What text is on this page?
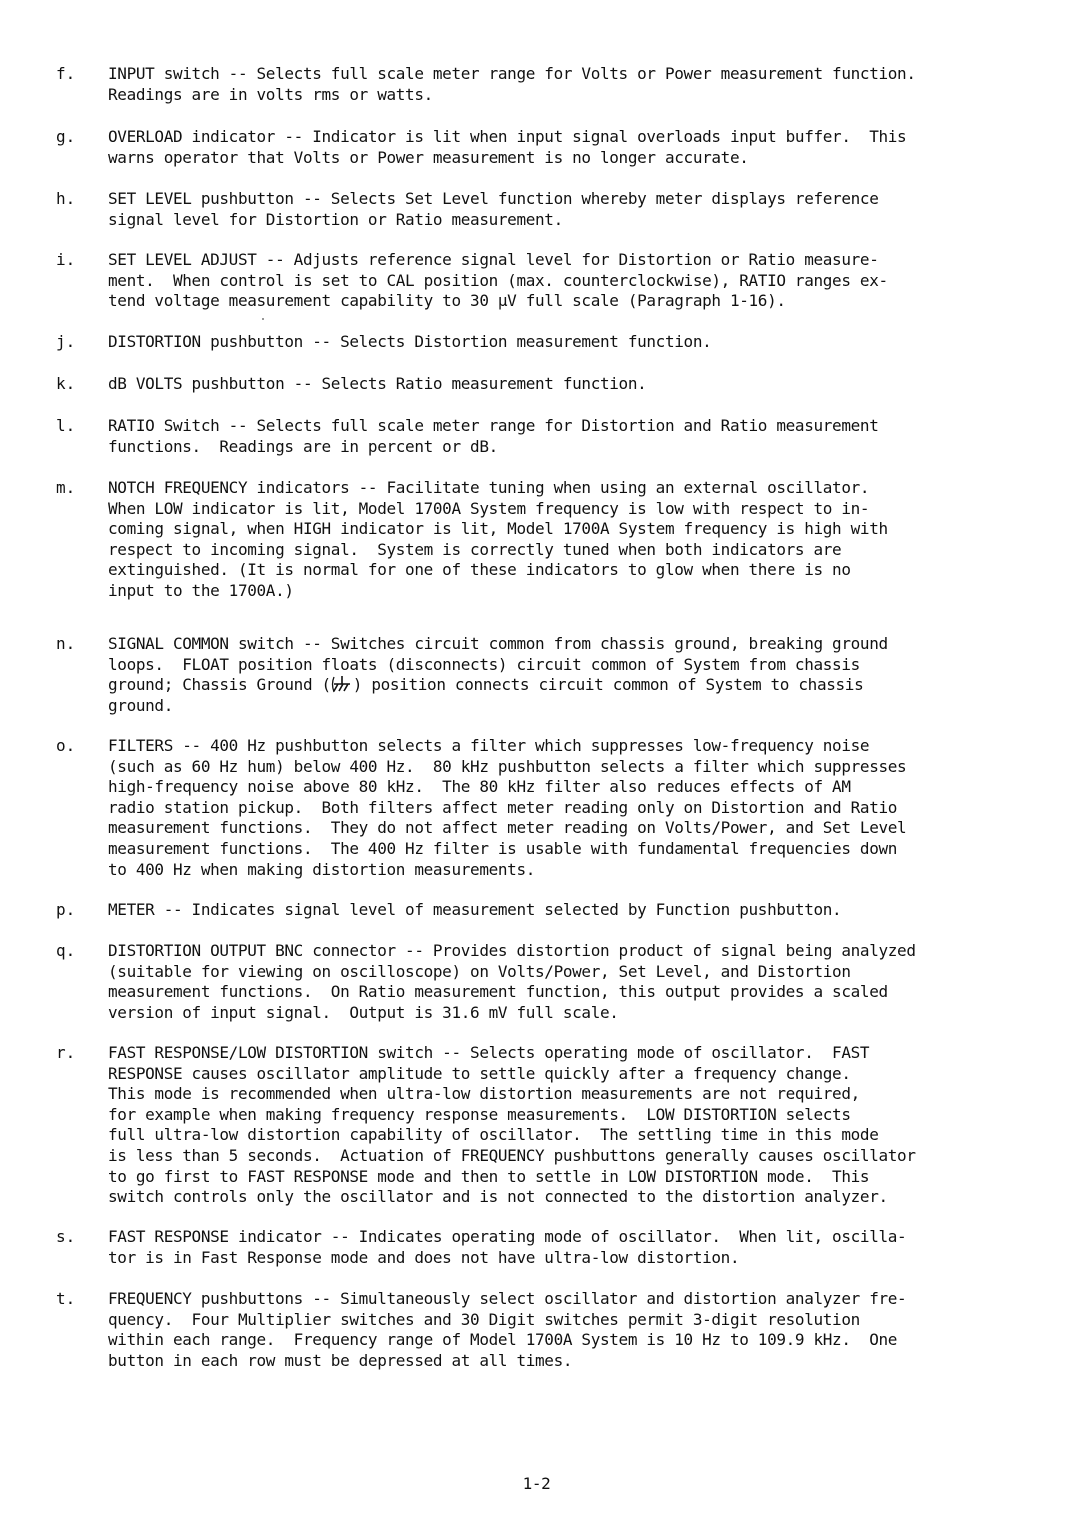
f. INPUT switch -- Selects full scale meter range for Volts or Power measurement function.
Readings are in volts rms or watts.
g. OVERLOAD indicator -- Indicator is lit when input signal overloads input buffer.  This
warns operator that Volts or Power measurement is no longer accurate.
h. SET LEVEL pushbutton -- Selects Set Level function whereby meter displays reference
signal level for Distortion or Ratio measurement.
i. SET LEVEL ADJUST -- Adjusts reference signal level for Distortion or Ratio measure-
ment.  When control is set to CAL position (max. counterclockwise), RATIO ranges ex-
tend voltage measurement capability to 30 µV full scale (Paragraph 1-16).
j. DISTORTION pushbutton -- Selects Distortion measurement function.
k. dB VOLTS pushbutton -- Selects Ratio measurement function.
l. RATIO Switch -- Selects full scale meter range for Distortion and Ratio measurement
functions.  Readings are in percent or dB.
m. NOTCH FREQUENCY indicators -- Facilitate tuning when using an external oscillator.
When LOW indicator is lit, Model 1700A System frequency is low with respect to in-
coming signal, when HIGH indicator is lit, Model 1700A System frequency is high with
respect to incoming signal.  System is correctly tuned when both indicators are
extinguished. (It is normal for one of these indicators to glow when there is no
input to the 1700A.)
n. SIGNAL COMMON switch -- Switches circuit common from chassis ground, breaking ground
loops.  FLOAT position floats (disconnects) circuit common of System from chassis
ground; Chassis Ground ( ) position connects circuit common of System to chassis
ground.
o. FILTERS -- 400 Hz pushbutton selects a filter which suppresses low-frequency noise
(such as 60 Hz hum) below 400 Hz.  80 kHz pushbutton selects a filter which suppresses
high-frequency noise above 80 kHz.  The 80 kHz filter also reduces effects of AM
radio station pickup.  Both filters affect meter reading only on Distortion and Ratio
measurement functions.  They do not affect meter reading on Volts/Power, and Set Level
measurement functions.  The 400 Hz filter is usable with fundamental frequencies down
to 400 Hz when making distortion measurements.
p. METER -- Indicates signal level of measurement selected by Function pushbutton.
q. DISTORTION OUTPUT BNC connector -- Provides distortion product of signal being analyzed
(suitable for viewing on oscilloscope) on Volts/Power, Set Level, and Distortion
measurement functions.  On Ratio measurement function, this output provides a scaled
version of input signal.  Output is 31.6 mV full scale.
r. FAST RESPONSE/LOW DISTORTION switch -- Selects operating mode of oscillator.  FAST
RESPONSE causes oscillator amplitude to settle quickly after a frequency change.
This mode is recommended when ultra-low distortion measurements are not required,
for example when making frequency response measurements.  LOW DISTORTION selects
full ultra-low distortion capability of oscillator.  The settling time in this mode
is less than 5 seconds.  Actuation of FREQUENCY pushbuttons generally causes oscillator
to go first to FAST RESPONSE mode and then to settle in LOW DISTORTION mode.  This
switch controls only the oscillator and is not connected to the distortion analyzer.
s. FAST RESPONSE indicator -- Indicates operating mode of oscillator.  When lit, oscilla-
tor is in Fast Response mode and does not have ultra-low distortion.
t. FREQUENCY pushbuttons -- Simultaneously select oscillator and distortion analyzer fre-
quency.  Four Multiplier switches and 30 Digit switches permit 3-digit resolution
within each range.  Frequency range of Model 1700A System is 10 Hz to 109.9 kHz.  One
button in each row must be depressed at all times.
1-2
